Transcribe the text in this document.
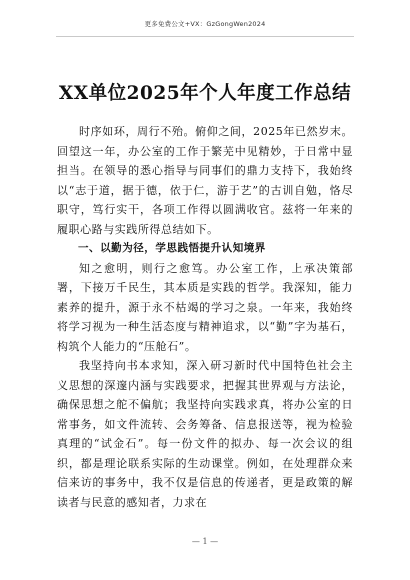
更多免费公文+VX：GzGongWen2024
XX单位2025年个人年度工作总结

时序如环，周行不殆。俯仰之间，2025年已然岁末。回望这一年，办公室的工作于繁芜中见精妙，于日常中显担当。在领导的悉心指导与同事们的鼎力支持下，我始终以“志于道，据于德，依于仁，游于艺”的古训自勉，恪尽职守，笃行实干，各项工作得以圆满收官。兹将一年来的履职心路与实践所得总结如下。

一、以勤为径，学思践悟提升认知境界

知之愈明，则行之愈笃。办公室工作，上承决策部署，下接万千民生，其本质是实践的哲学。我深知，能力素养的提升，源于永不枯竭的学习之泉。一年来，我始终将学习视为一种生活态度与精神追求，以“勤”字为基石，构筑个人能力的“压舱石”。

我坚持向书本求知，深入研习新时代中国特色社会主义思想的深邃内涵与实践要求，把握其世界观与方法论，确保思想之舵不偏航；我坚持向实践求真，将办公室的日常事务，如文件流转、会务筹备、信息报送等，视为检验真理的“试金石”。每一份文件的拟办、每一次会议的组织，都是理论联系实际的生动课堂。例如，在处理群众来信来访的事务中，我不仅是信息的传递者，更是政策的解读者与民意的感知者，力求在

— 1 —
